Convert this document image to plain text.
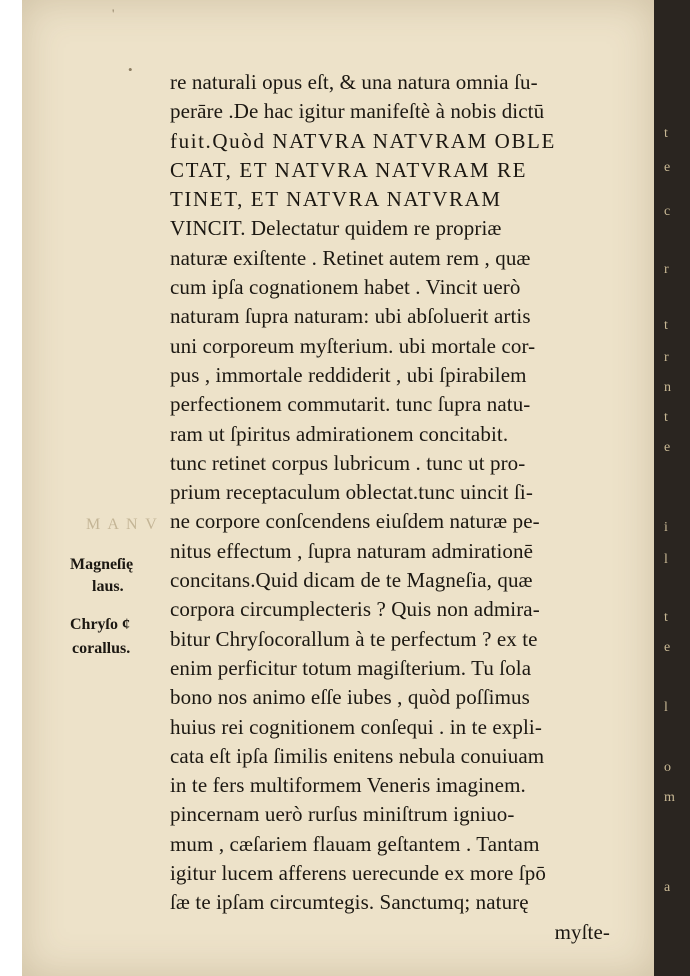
t
e
c
r
t
r
n
t
e
i
l
t
e
l
o
m
a
'
•
M A N V
Magneſię
laus.
Chryſo ¢
corallus.
re naturali opus eſt, & una natura omnia ſu-
perāre .De hac igitur manifeſtè à nobis dictū
fuit.Quòd NATVRA NATVRAM OBLE
CTAT, ET NATVRA NATVRAM RE
TINET, ET NATVRA NATVRAM
VINCIT. Delectatur quidem re propriæ
naturæ exiſtente . Retinet autem rem , quæ
cum ipſa cognationem habet . Vincit uerò
naturam ſupra naturam: ubi abſoluerit artis
uni corporeum myſterium. ubi mortale cor-
pus , immortale reddiderit , ubi ſpirabilem
perfectionem commutarit. tunc ſupra natu-
ram ut ſpiritus admirationem concitabit.
tunc retinet corpus lubricum . tunc ut pro-
prium receptaculum oblectat.tunc uincit ſi-
ne corpore conſcendens eiuſdem naturæ pe-
nitus effectum , ſupra naturam admirationē
concitans.Quid dicam de te Magneſia, quæ
corpora circumplecteris ? Quis non admira-
bitur Chryſocorallum à te perfectum ? ex te
enim perficitur totum magiſterium. Tu ſola
bono nos animo eſſe iubes , quòd poſſimus
huius rei cognitionem conſequi . in te expli-
cata eſt ipſa ſimilis enitens nebula conuiuam
in te fers multiformem Veneris imaginem.
pincernam uerò rurſus miniſtrum igniuo-
mum , cæſariem flauam geſtantem . Tantam
igitur lucem afferens uerecunde ex more ſpō
ſæ te ipſam circumtegis. Sanctumq; naturę
myſte-
